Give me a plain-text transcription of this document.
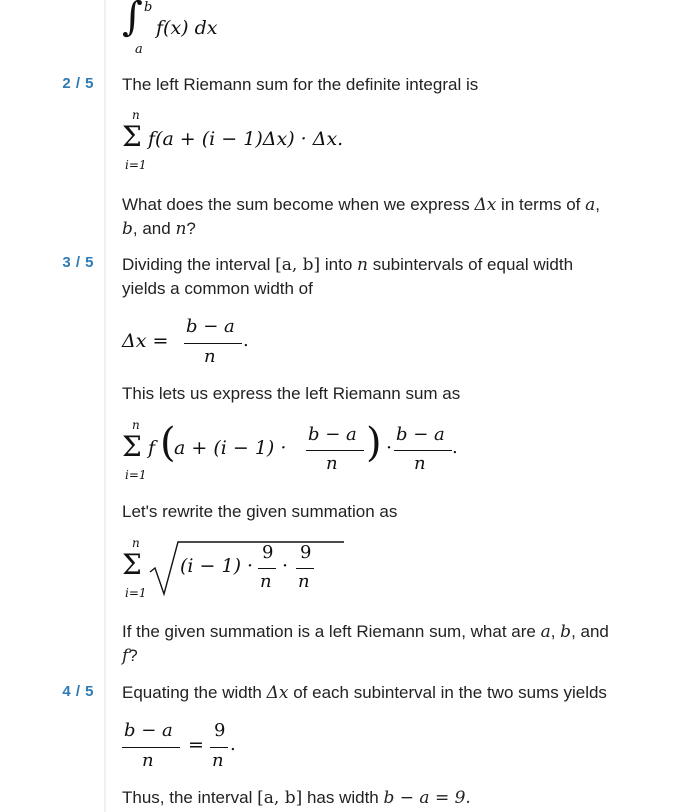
∫ b
a
f(x) dx
2 / 5 The left Riemann sum for the definite integral is
n
Σ
i=1
f(a + (i − 1)Δx) · Δx.
What does the sum become when we express Δx in terms of a,
b, and n?
3 / 5 Dividing the interval [a, b] into n subintervals of equal width
yields a common width of
Δx =
b − a
n
.
This lets us express the left Riemann sum as
n
Σ
i=1
f (
a + (i − 1) ·
b − a
n ) ·
b − a
n
.
Let's rewrite the given summation as
n
Σ
i=1
(i − 1) ·
9
n
·
9
n
If the given summation is a left Riemann sum, what are a, b, and
f?
4 / 5 Equating the width Δx of each subinterval in the two sums yields
b − a
n
=
9
n
.
Thus, the interval [a, b] has width b − a = 9.
